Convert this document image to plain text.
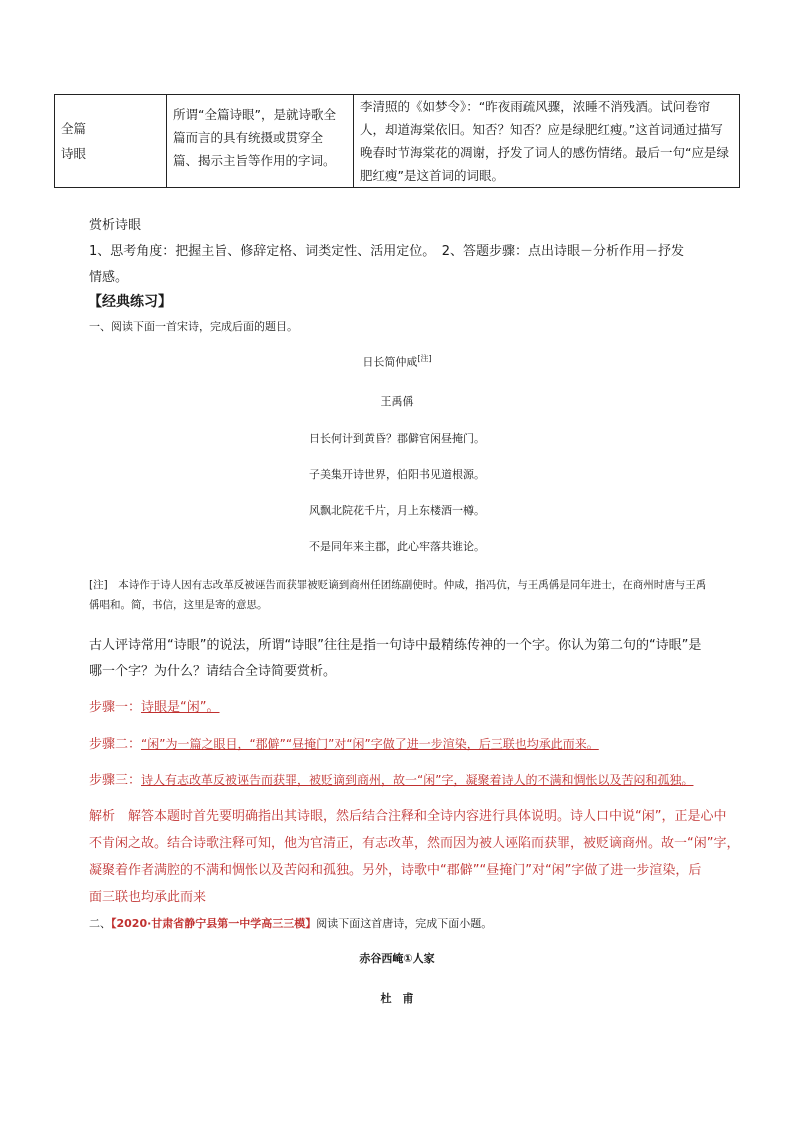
全篇
诗眼	所谓“全篇诗眼”，是就诗歌全篇而言的具有统摄或贯穿全篇、揭示主旨等作用的字词。	李清照的《如梦令》：“昨夜雨疏风骤，浓睡不消残酒。试问卷帘人，却道海棠依旧。知否？知否？应是绿肥红瘦。”这首词通过描写晚春时节海棠花的凋谢，抒发了词人的感伤情绪。最后一句“应是绿肥红瘦”是这首词的词眼。
赏析诗眼
1、思考角度：把握主旨、修辞定格、词类定性、活用定位。　2、答题步骤：点出诗眼－分析作用－抒发
情感。
【经典练习】
一、阅读下面一首宋诗，完成后面的题目。
日长简仲咸[注]
王禹偁
日长何计到黄昏？郡僻官闲昼掩门。
子美集开诗世界，伯阳书见道根源。
风飘北院花千片，月上东楼酒一樽。
不是同年来主郡，此心牢落共谁论。
[注]　本诗作于诗人因有志改革反被诬告而获罪被贬谪到商州任团练副使时。仲咸，指冯伉，与王禹偁是同年进士，在商州时唐与王禹偁唱和。简，书信，这里是寄的意思。
古人评诗常用“诗眼”的说法，所谓“诗眼”往往是指一句诗中最精练传神的一个字。你认为第二句的“诗眼”是
哪一个字？为什么？请结合全诗简要赏析。
步骤一：诗眼是“闲”。
步骤二：“闲”为一篇之眼目，“郡僻”“昼掩门”对“闲”字做了进一步渲染，后三联也均承此而来。
步骤三：诗人有志改革反被诬告而获罪，被贬谪到商州，故一“闲”字，凝聚着诗人的不满和惆怅以及苦闷和孤独。
解析　解答本题时首先要明确指出其诗眼，然后结合注释和全诗内容进行具体说明。诗人口中说“闲”，正是心中
不肯闲之故。结合诗歌注释可知，他为官清正，有志改革，然而因为被人诬陷而获罪，被贬谪商州。故一“闲”字，
凝聚着作者满腔的不满和惆怅以及苦闷和孤独。另外，诗歌中“郡僻”“昼掩门”对“闲”字做了进一步渲染，后
面三联也均承此而来
二、【2020·甘肃省静宁县第一中学高三三模】阅读下面这首唐诗，完成下面小题。
赤谷西崦①人家
杜　甫
